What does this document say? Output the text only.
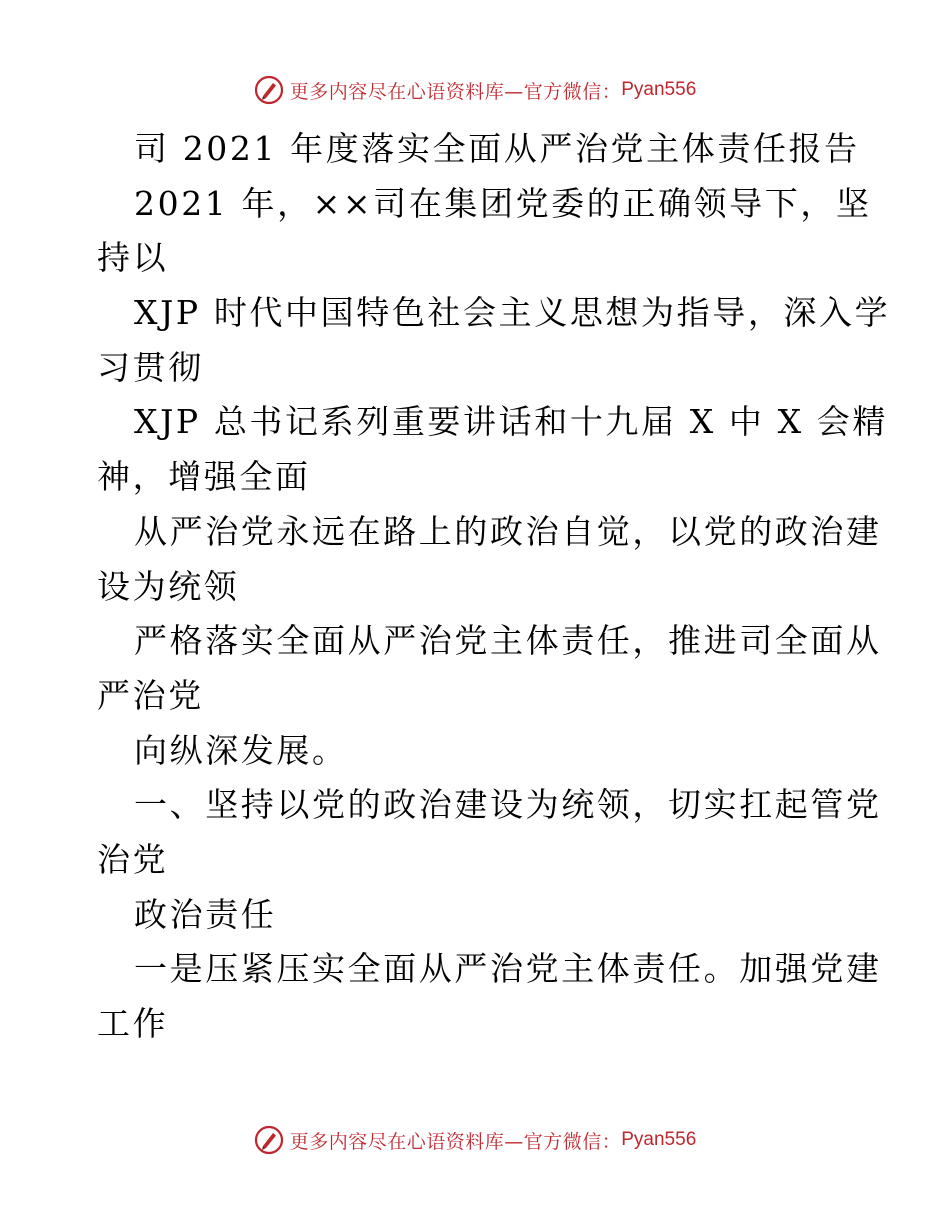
更多内容尽在心语资料库—官方微信： Pyan556
司 2021 年度落实全面从严治党主体责任报告
2021 年，××司在集团党委的正确领导下，坚
持以
XJP 时代中国特色社会主义思想为指导，深入学
习贯彻
XJP 总书记系列重要讲话和十九届 X 中 X 会精
神，增强全面
从严治党永远在路上的政治自觉，以党的政治建
设为统领
严格落实全面从严治党主体责任，推进司全面从
严治党
向纵深发展。
一、坚持以党的政治建设为统领，切实扛起管党
治党
政治责任
一是压紧压实全面从严治党主体责任。加强党建
工作
更多内容尽在心语资料库—官方微信： Pyan556
